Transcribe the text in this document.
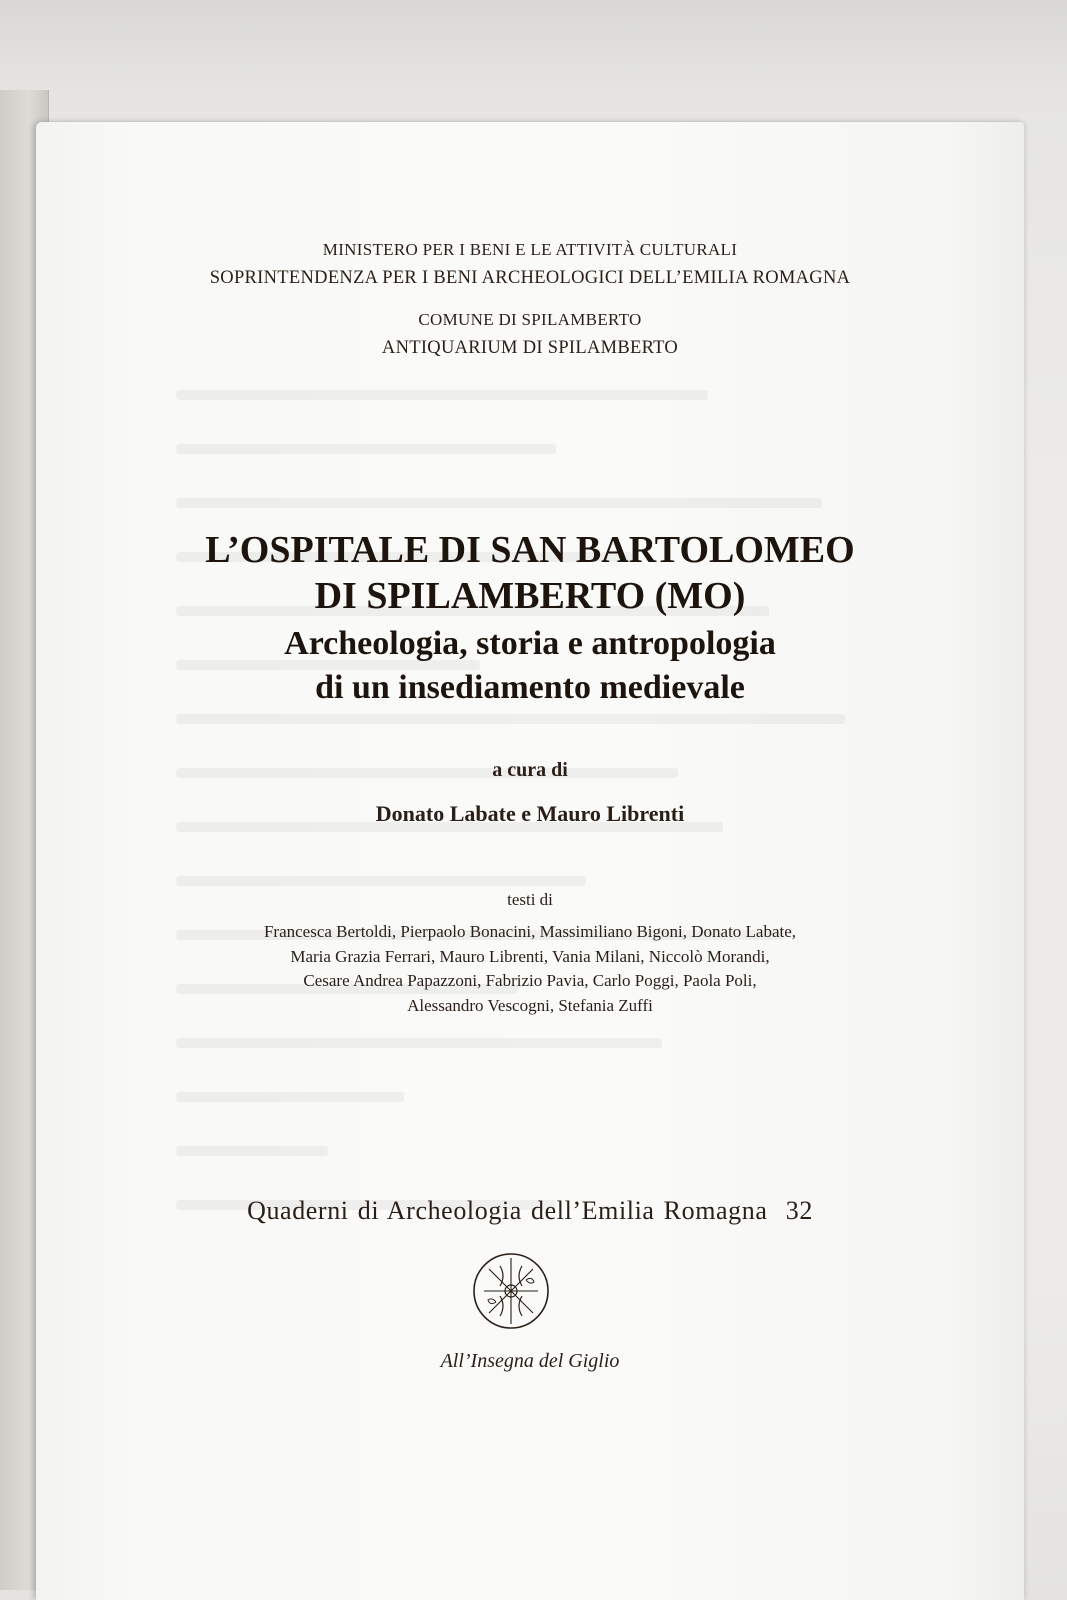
MINISTERO PER I BENI E LE ATTIVITÀ CULTURALI
SOPRINTENDENZA PER I BENI ARCHEOLOGICI DELL’EMILIA ROMAGNA
COMUNE DI SPILAMBERTO
ANTIQUARIUM DI SPILAMBERTO
L’OSPITALE DI SAN BARTOLOMEO
DI SPILAMBERTO (MO)
Archeologia, storia e antropologia
di un insediamento medievale
a cura di
Donato Labate e Mauro Librenti
testi di
Francesca Bertoldi, Pierpaolo Bonacini, Massimiliano Bigoni, Donato Labate,
Maria Grazia Ferrari, Mauro Librenti, Vania Milani, Niccolò Morandi,
Cesare Andrea Papazzoni, Fabrizio Pavia, Carlo Poggi, Paola Poli,
Alessandro Vescogni, Stefania Zuffi
Quaderni di Archeologia dell’Emilia Romagna  32
All’Insegna del Giglio
